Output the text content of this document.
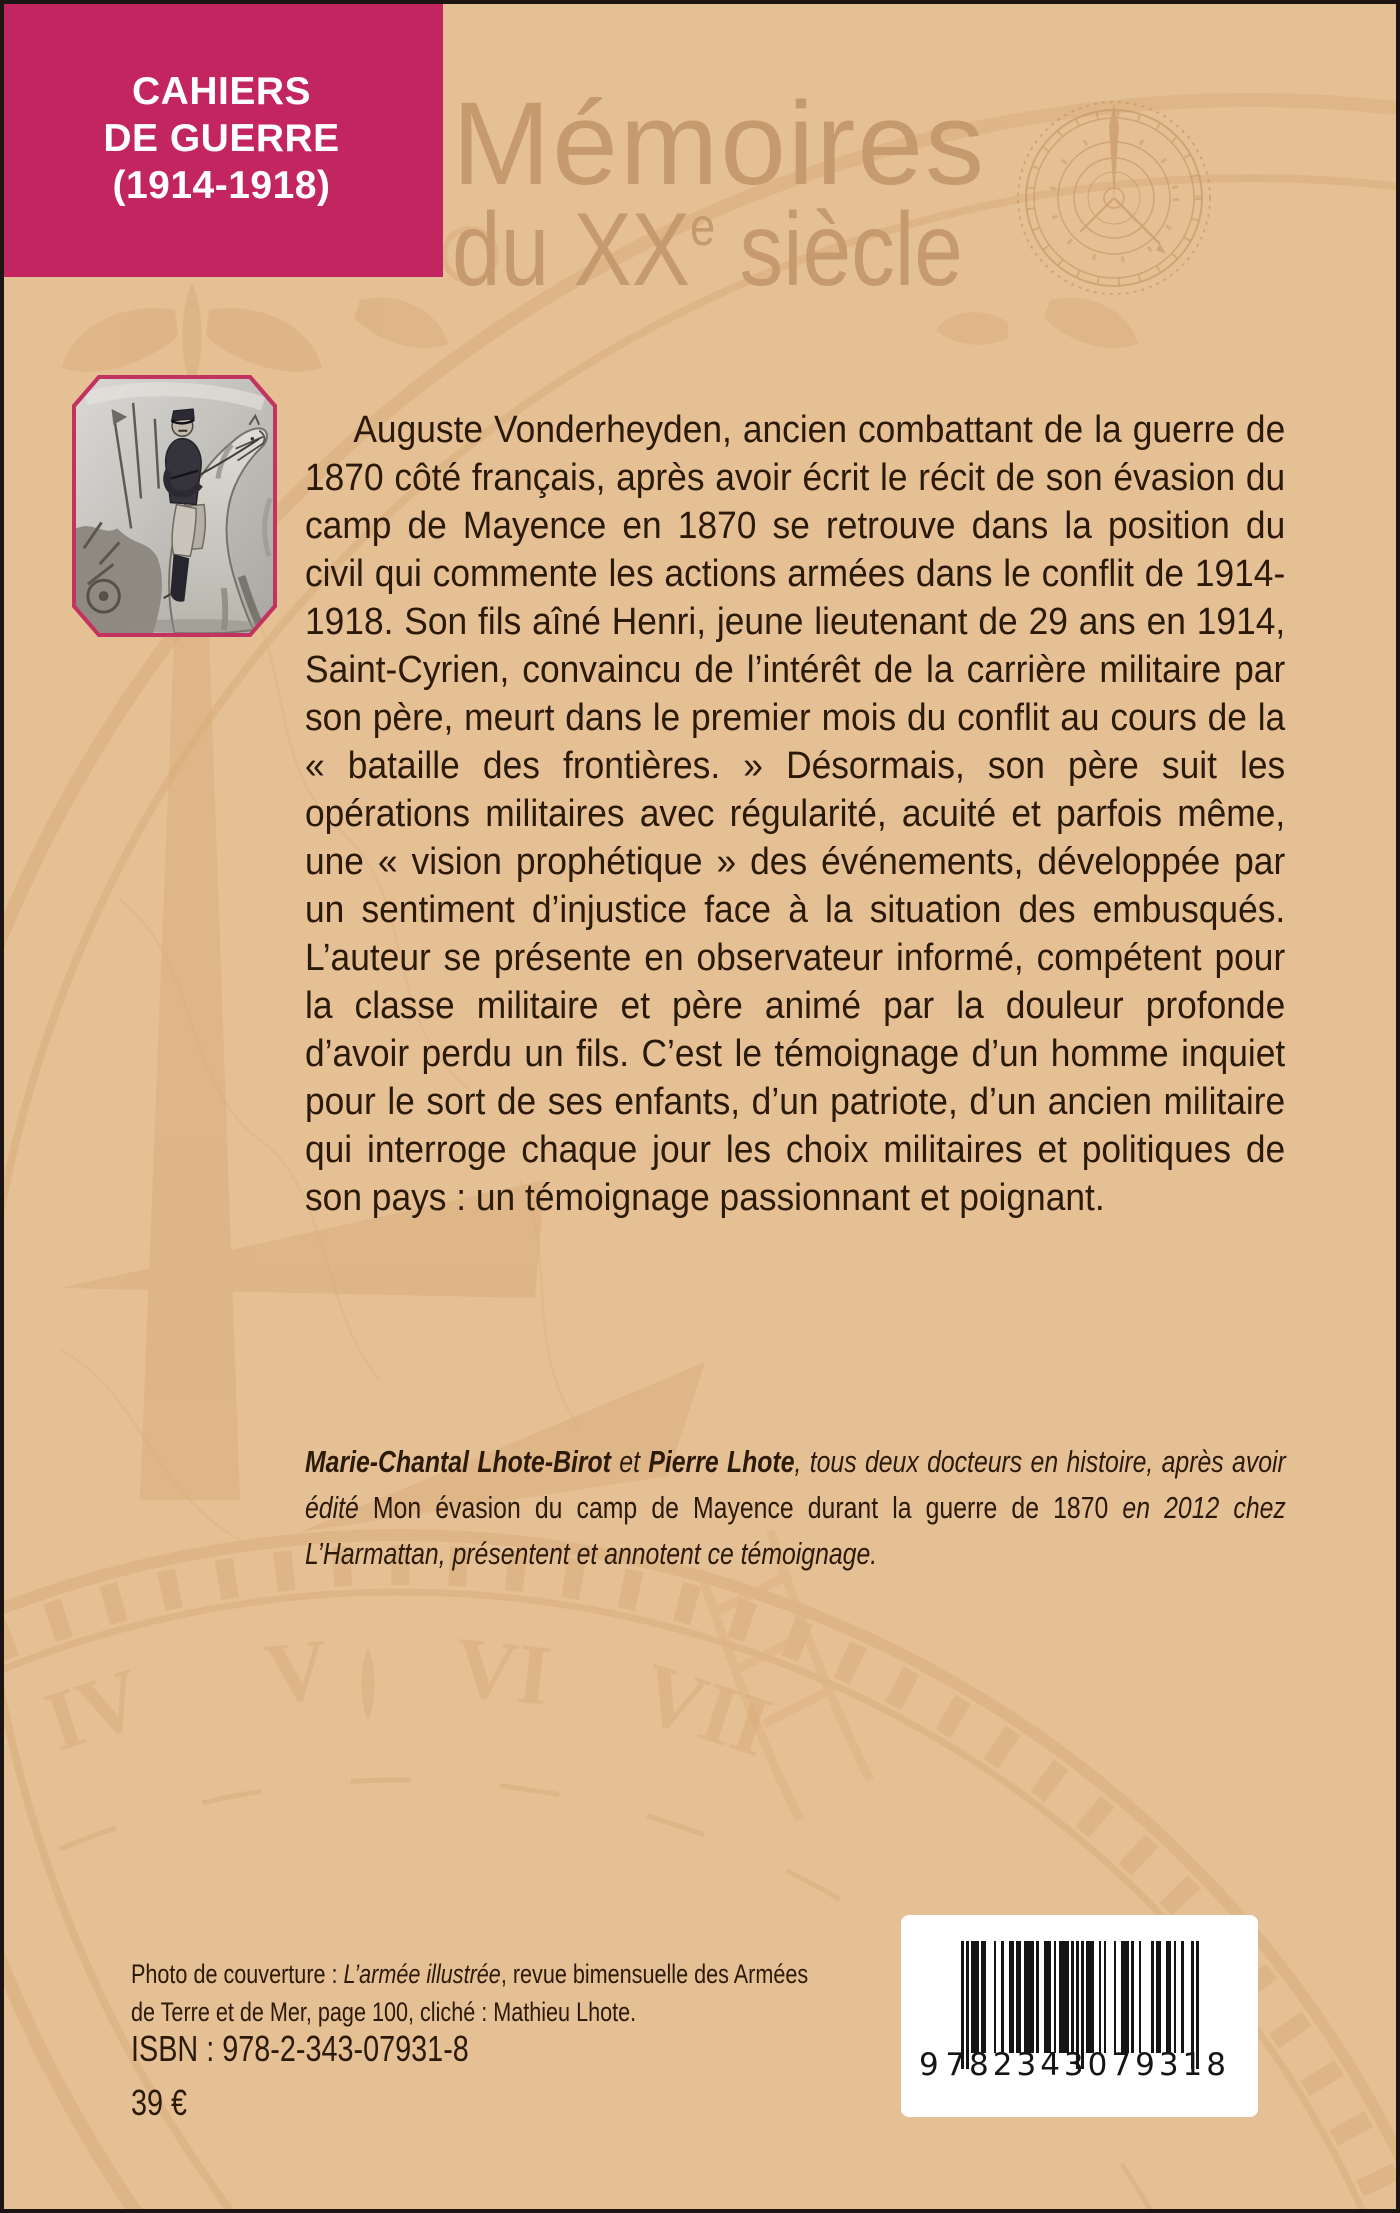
IV V VI VII
CAHIERS
DE GUERRE
(1914-1918) Mémoires
du XXe siècle

Auguste Vonderheyden, ancien combattant de la guerre de 1870 côté français, après avoir écrit le récit de son évasion du camp de Mayence en 1870 se retrouve dans la position du civil qui commente les actions armées dans le conflit de 1914-1918. Son fils aîné Henri, jeune lieutenant de 29 ans en 1914, Saint-Cyrien, convaincu de l’intérêt de la carrière militaire par son père, meurt dans le premier mois du conflit au cours de la « bataille des frontières. » Désormais, son père suit les opérations militaires avec régularité, acuité et parfois même, une « vision prophétique » des événements, développée par un sentiment d’injustice face à la situation des embusqués. L’auteur se présente en observateur informé, compétent pour la classe militaire et père animé par la douleur profonde d’avoir perdu un fils. C’est le témoignage d’un homme inquiet pour le sort de ses enfants, d’un patriote, d’un ancien militaire qui interroge chaque jour les choix militaires et politiques de son pays : un témoignage passionnant et poignant.

Marie-Chantal Lhote-Birot et Pierre Lhote, tous deux docteurs en histoire, après avoir édité Mon évasion du camp de Mayence durant la guerre de 1870 en 2012 chez L’Harmattan, présentent et annotent ce témoignage.

Photo de couverture : L’armée illustrée, revue bimensuelle des Armées de Terre et de Mer, page 100, cliché : Mathieu Lhote.

ISBN : 978-2-343-07931-8
39 €
9 782343 079318
